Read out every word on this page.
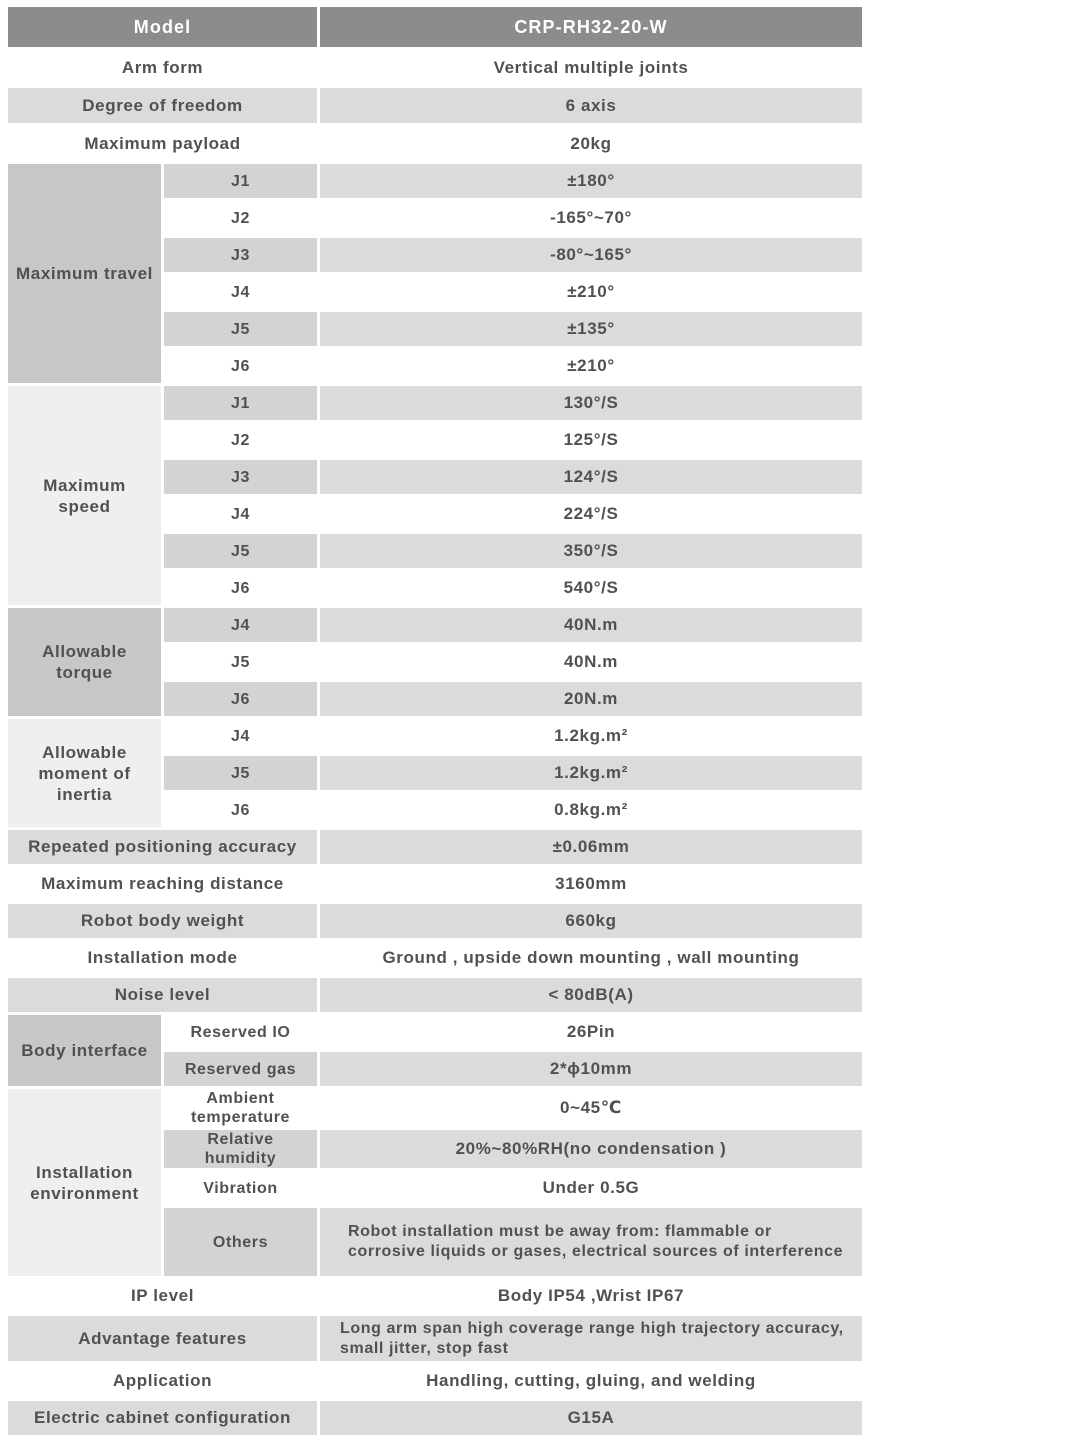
Model		CRP-RH32-20-W
Arm form		Vertical multiple joints
Degree of freedom		6 axis
Maximum payload		20kg
Maximum travel	J1	±180°
	J2	-165°~70°
	J3	-80°~165°
	J4	±210°
	J5	±135°
	J6	±210°
Maximum speed	J1	130°/S
	J2	125°/S
	J3	124°/S
	J4	224°/S
	J5	350°/S
	J6	540°/S
Allowable torque	J4	40N.m
	J5	40N.m
	J6	20N.m
Allowable moment of inertia	J4	1.2kg.m²
	J5	1.2kg.m²
	J6	0.8kg.m²
Repeated positioning accuracy		±0.06mm
Maximum reaching distance		3160mm
Robot body weight		660kg
Installation mode		Ground , upside down mounting , wall mounting
Noise level		< 80dB(A)
Body interface	Reserved IO	26Pin
	Reserved gas	2*ϕ10mm
Installation environment	Ambient temperature	0~45℃
	Relative humidity	20%~80%RH(no condensation )
	Vibration	Under 0.5G
	Others	Robot installation must be away from: flammable or corrosive liquids or gases, electrical sources of interference
IP level		Body IP54 ,Wrist IP67
Advantage features		Long arm span high coverage range high trajectory accuracy, small jitter, stop fast
Application		Handling, cutting, gluing, and welding
Electric cabinet configuration		G15A
